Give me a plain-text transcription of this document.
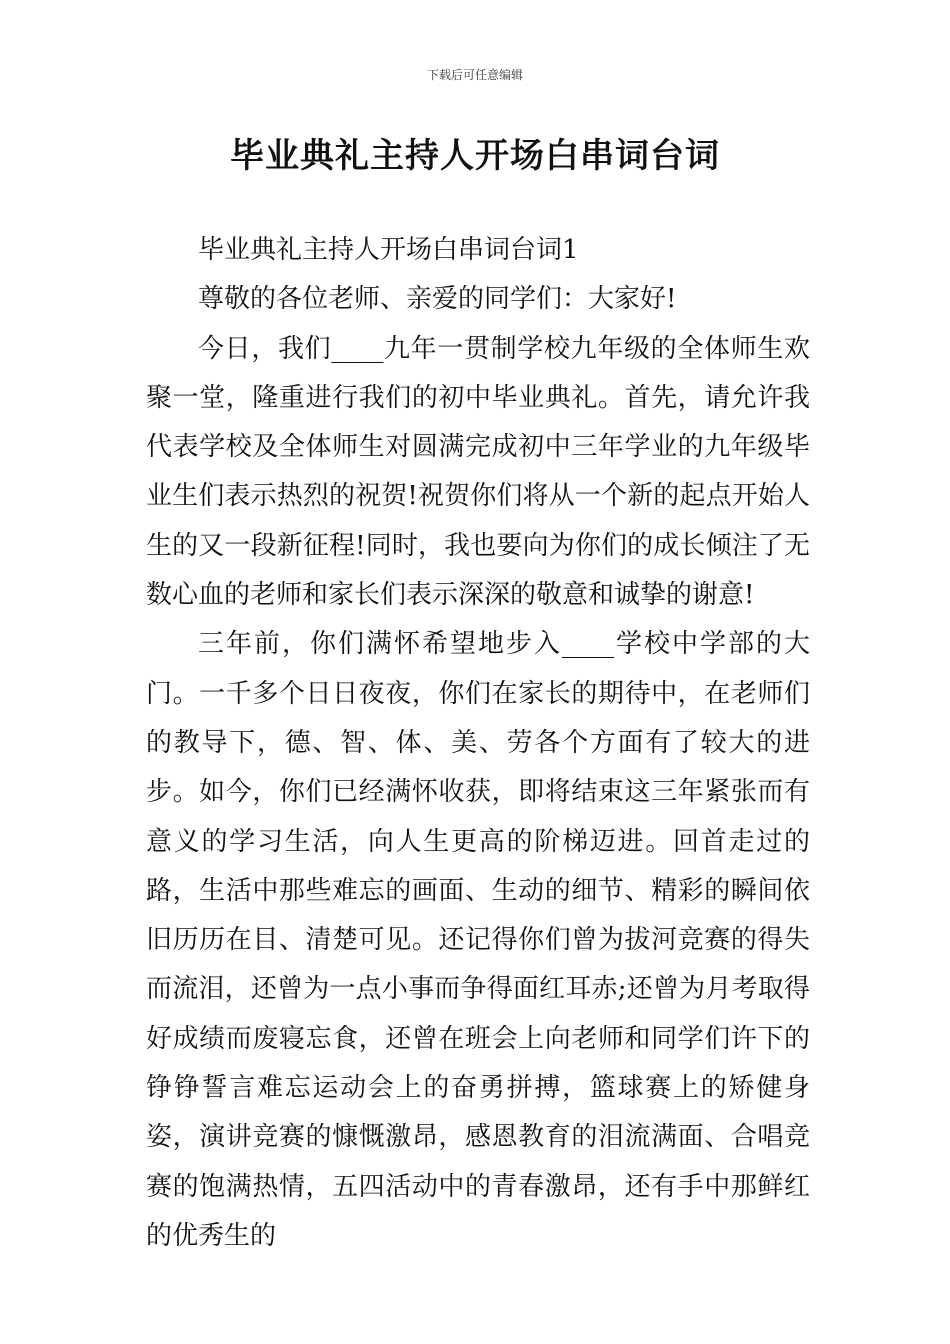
下载后可任意编辑
毕业典礼主持人开场白串词台词

毕业典礼主持人开场白串词台词1

尊敬的各位老师、亲爱的同学们：大家好!

今日，我们____九年一贯制学校九年级的全体师生欢聚一堂，隆重进行我们的初中毕业典礼。首先，请允许我代表学校及全体师生对圆满完成初中三年学业的九年级毕业生们表示热烈的祝贺!祝贺你们将从一个新的起点开始人生的又一段新征程!同时，我也要向为你们的成长倾注了无数心血的老师和家长们表示深深的敬意和诚挚的谢意!

三年前，你们满怀希望地步入____学校中学部的大门。一千多个日日夜夜，你们在家长的期待中，在老师们的教导下，德、智、体、美、劳各个方面有了较大的进步。如今，你们已经满怀收获，即将结束这三年紧张而有意义的学习生活，向人生更高的阶梯迈进。回首走过的路，生活中那些难忘的画面、生动的细节、精彩的瞬间依旧历历在目、清楚可见。还记得你们曾为拔河竞赛的得失而流泪，还曾为一点小事而争得面红耳赤;还曾为月考取得好成绩而废寝忘食，还曾在班会上向老师和同学们许下的铮铮誓言难忘运动会上的奋勇拼搏，篮球赛上的矫健身姿，演讲竞赛的慷慨激昂，感恩教育的泪流满面、合唱竞赛的饱满热情，五四活动中的青春激昂，还有手中那鲜红的优秀生的
